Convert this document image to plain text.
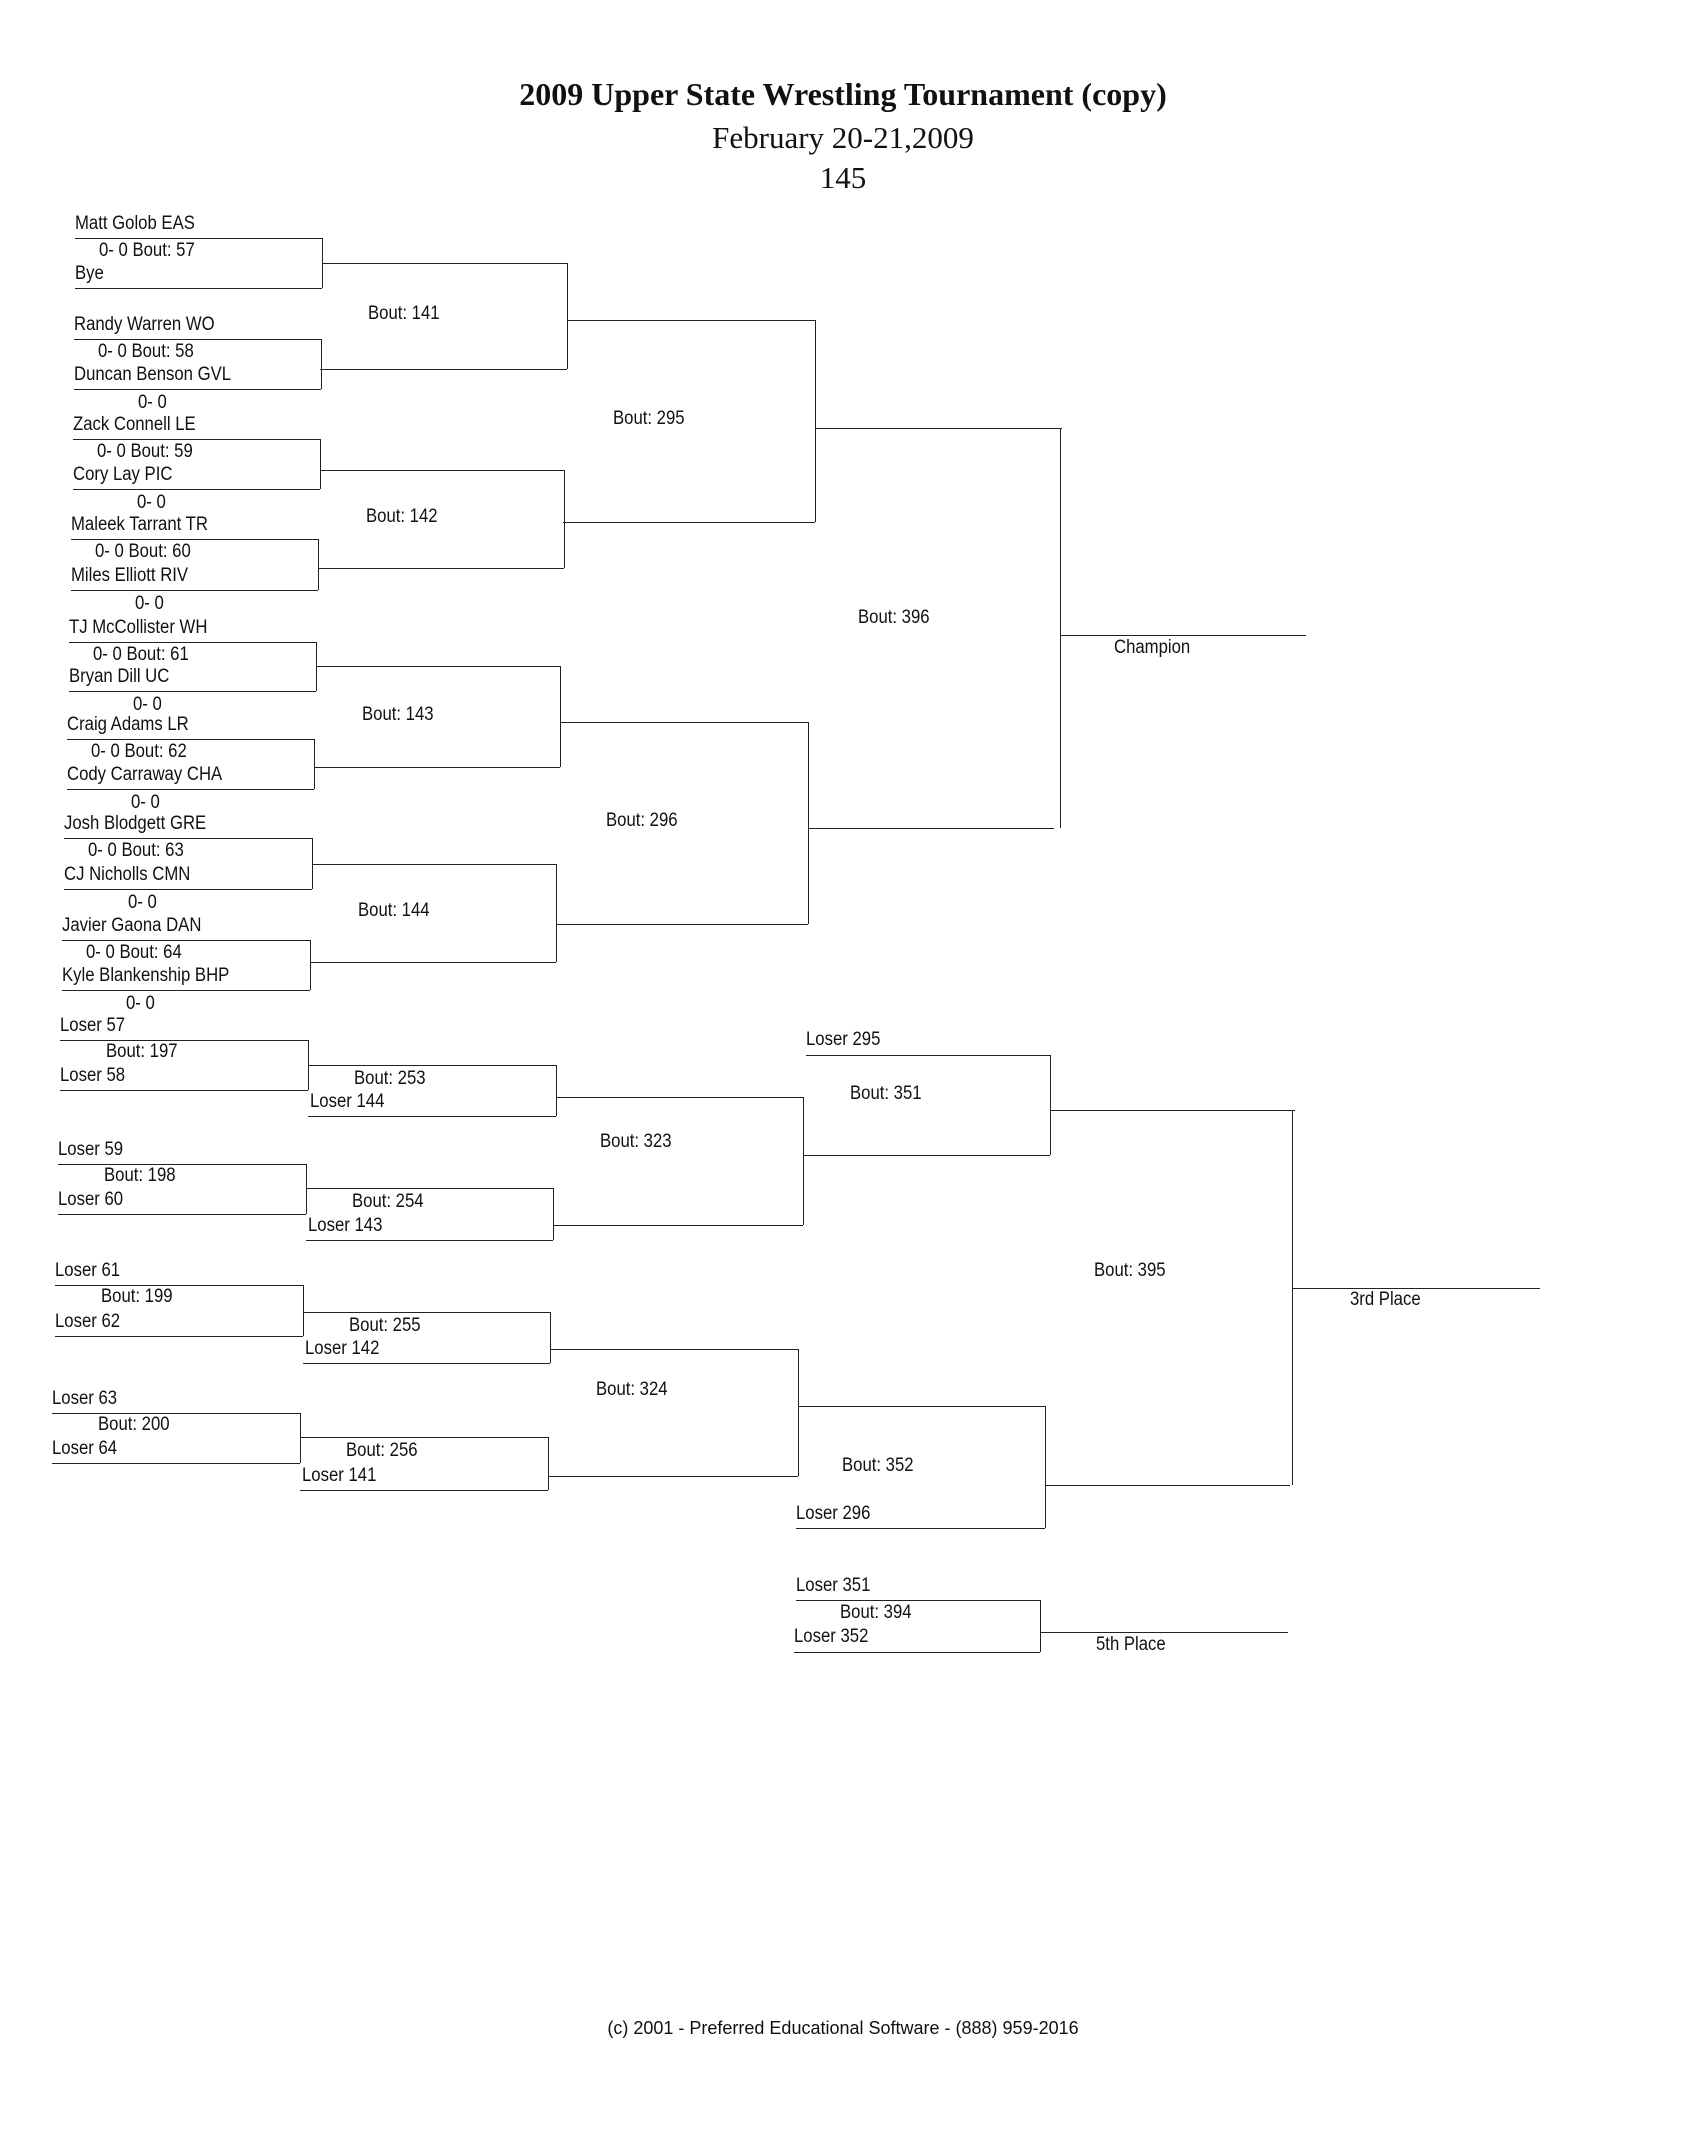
2009 Upper State Wrestling Tournament (copy)
February 20-21,2009
145
Matt Golob EAS
0- 0 Bout: 57
Bye
Randy Warren WO
0- 0 Bout: 58
Duncan Benson GVL
0- 0
Zack Connell LE
0- 0 Bout: 59
Cory Lay PIC
0- 0
Maleek Tarrant TR
0- 0 Bout: 60
Miles Elliott RIV
0- 0
TJ McCollister WH
0- 0 Bout: 61
Bryan Dill UC
0- 0
Craig Adams LR
0- 0 Bout: 62
Cody Carraway CHA
0- 0
Josh Blodgett GRE
0- 0 Bout: 63
CJ Nicholls CMN
0- 0
Javier Gaona DAN
0- 0 Bout: 64
Kyle Blankenship BHP
0- 0
Bout: 141
Bout: 142
Bout: 143
Bout: 144
Bout: 295
Bout: 296
Bout: 396
Champion
Loser 57
Bout: 197
Loser 58
Loser 59
Bout: 198
Loser 60
Loser 61
Bout: 199
Loser 62
Loser 63
Bout: 200
Loser 64
Bout: 253
Loser 144
Bout: 254
Loser 143
Bout: 255
Loser 142
Bout: 256
Loser 141
Bout: 323
Bout: 324
Loser 295
Bout: 351
Bout: 352
Loser 296
Bout: 395
3rd Place
Loser 351
Bout: 394
Loser 352	5th Place
(c) 2001 - Preferred Educational Software - (888) 959-2016
